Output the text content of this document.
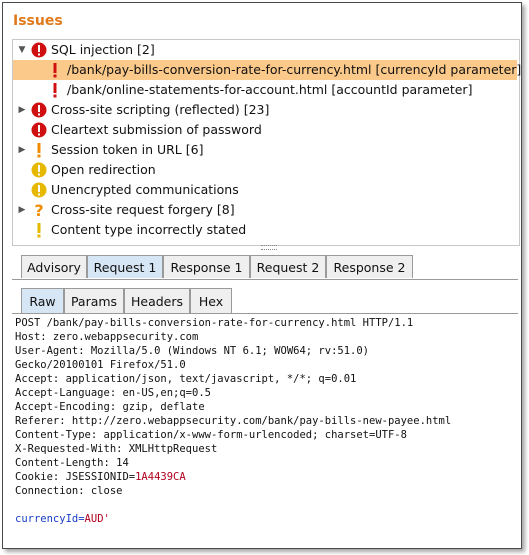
Issues
▼ SQL injection [2]
/bank/pay-bills-conversion-rate-for-currency.html [currencyId parameter]
/bank/online-statements-for-account.html [accountId parameter]
▶ Cross-site scripting (reflected) [23]
Cleartext submission of password
▶ Session token in URL [6]
Open redirection
Unencrypted communications
▶ ? Cross-site request forgery [8]
Content type incorrectly stated
Advisory	Request 1	Response 1	Request 2	Response 2
Raw	Params	Headers	Hex
POST /bank/pay-bills-conversion-rate-for-currency.html HTTP/1.1
Host: zero.webappsecurity.com
User-Agent: Mozilla/5.0 (Windows NT 6.1; WOW64; rv:51.0)
Gecko/20100101 Firefox/51.0
Accept: application/json, text/javascript, */*; q=0.01
Accept-Language: en-US,en;q=0.5
Accept-Encoding: gzip, deflate
Referer: http://zero.webappsecurity.com/bank/pay-bills-new-payee.html
Content-Type: application/x-www-form-urlencoded; charset=UTF-8
X-Requested-With: XMLHttpRequest
Content-Length: 14
Cookie: JSESSIONID=1A4439CA
Connection: close
currencyId=AUD'
